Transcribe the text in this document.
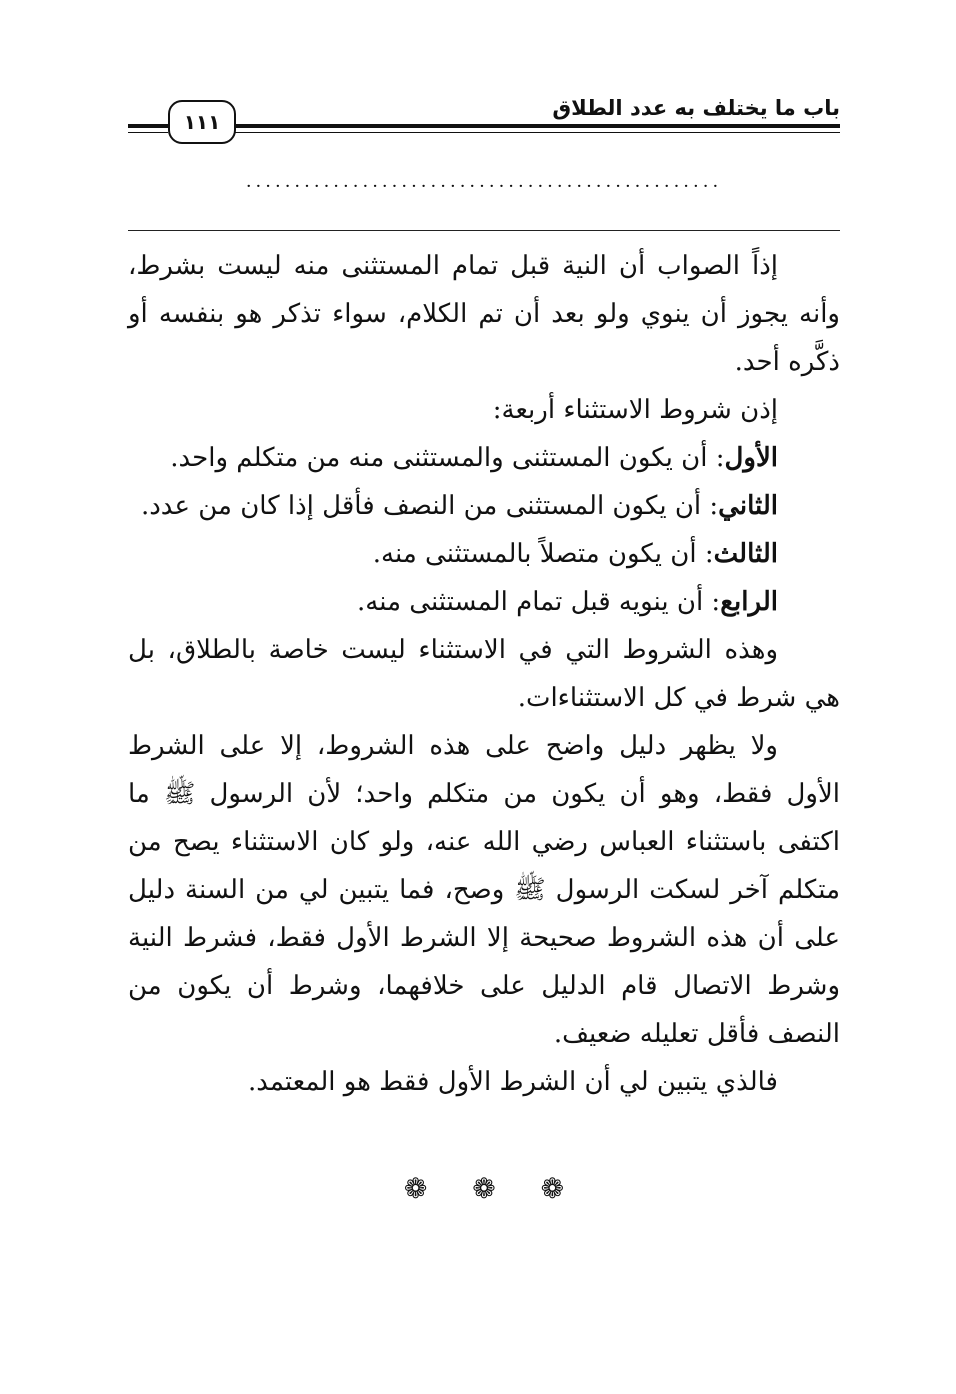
باب ما يختلف به عدد الطلاق
١١١
·················································

إذاً الصواب أن النية قبل تمام المستثنى منه ليست بشرط، وأنه يجوز أن ينوي ولو بعد أن تم الكلام، سواء تذكر هو بنفسه أو ذكَّره أحد.

إذن شروط الاستثناء أربعة:

الأول: أن يكون المستثنى والمستثنى منه من متكلم واحد.

الثاني: أن يكون المستثنى من النصف فأقل إذا كان من عدد.

الثالث: أن يكون متصلاً بالمستثنى منه.

الرابع: أن ينويه قبل تمام المستثنى منه.

وهذه الشروط التي في الاستثناء ليست خاصة بالطلاق، بل هي شرط في كل الاستثناءات.

ولا يظهر دليل واضح على هذه الشروط، إلا على الشرط الأول فقط، وهو أن يكون من متكلم واحد؛ لأن الرسول ﷺ ما اكتفى باستثناء العباس رضي الله عنه، ولو كان الاستثناء يصح من متكلم آخر لسكت الرسول ﷺ وصح، فما يتبين لي من السنة دليل على أن هذه الشروط صحيحة إلا الشرط الأول فقط، فشرط النية وشرط الاتصال قام الدليل على خلافهما، وشرط أن يكون من النصف فأقل تعليله ضعيف.

فالذي يتبين لي أن الشرط الأول فقط هو المعتمد.

❁ ❁ ❁
